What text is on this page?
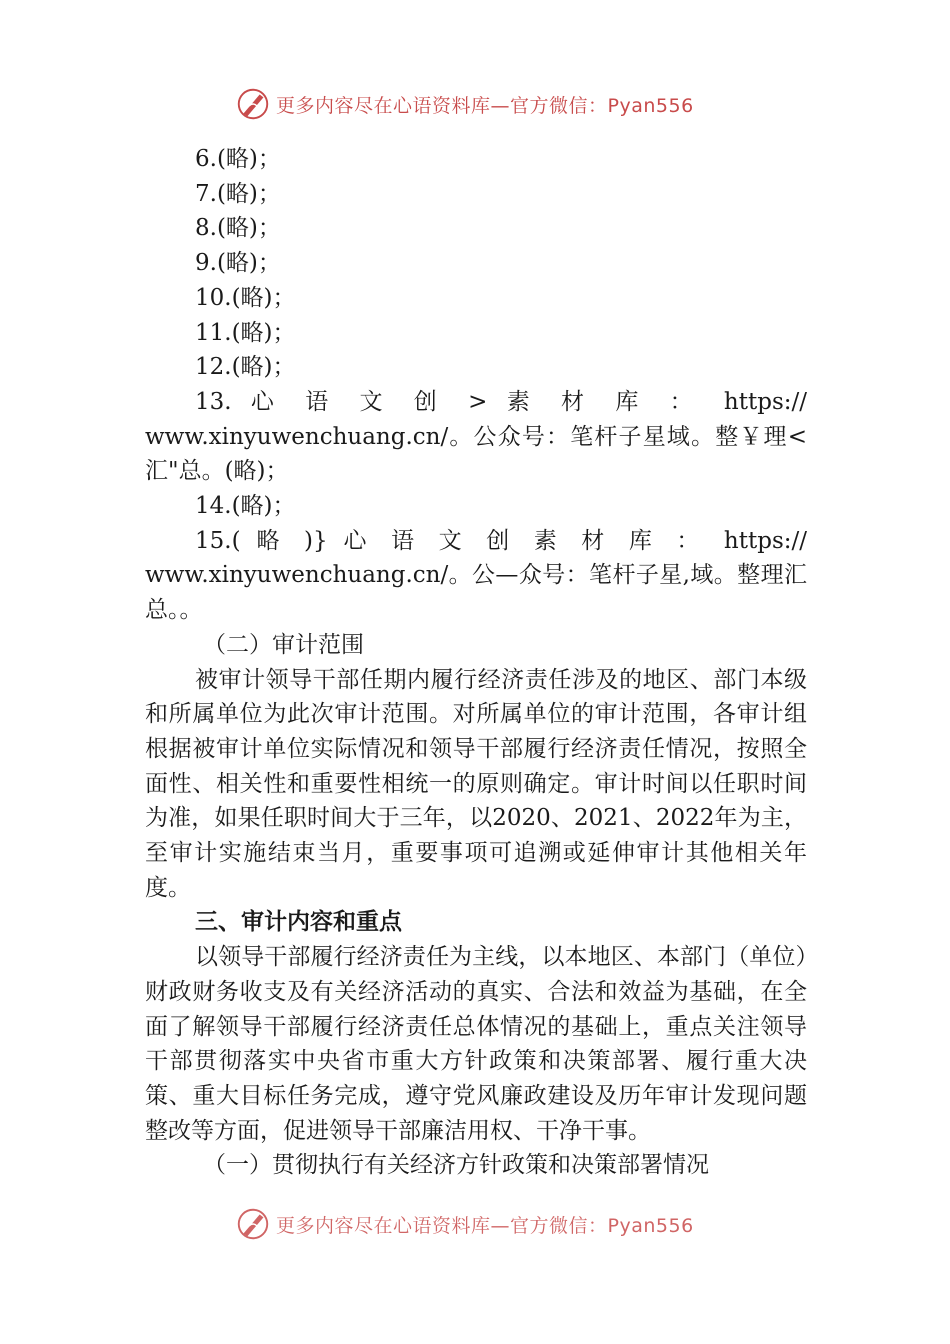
更多内容尽在心语资料库—官方微信：Pyan556

6.(略)；

7.(略)；

8.(略)；

9.(略)；

10.(略)；

11.(略)；

12.(略)；

13. 心 语 文 创 > 素 材 库 ： https://

www.xinyuwenchuang.cn/。公众号：笔杆子星域。整￥理<

汇"总。(略)；

14.(略)；

15.( 略 )} 心 语 文 创 素 材 库 ： https://

www.xinyuwenchuang.cn/。公—众号：笔杆子星,域。整理汇

总。。

（二）审计范围

被审计领导干部任期内履行经济责任涉及的地区、部门本级和所属单位为此次审计范围。对所属单位的审计范围，各审计组根据被审计单位实际情况和领导干部履行经济责任情况，按照全面性、相关性和重要性相统一的原则确定。审计时间以任职时间为准，如果任职时间大于三年，以2020、2021、2022年为主，至审计实施结束当月，重要事项可追溯或延伸审计其他相关年度。

三、审计内容和重点

以领导干部履行经济责任为主线，以本地区、本部门（单位）财政财务收支及有关经济活动的真实、合法和效益为基础，在全面了解领导干部履行经济责任总体情况的基础上，重点关注领导干部贯彻落实中央省市重大方针政策和决策部署、履行重大决策、重大目标任务完成，遵守党风廉政建设及历年审计发现问题整改等方面，促进领导干部廉洁用权、干净干事。

（一）贯彻执行有关经济方针政策和决策部署情况

更多内容尽在心语资料库—官方微信：Pyan556
